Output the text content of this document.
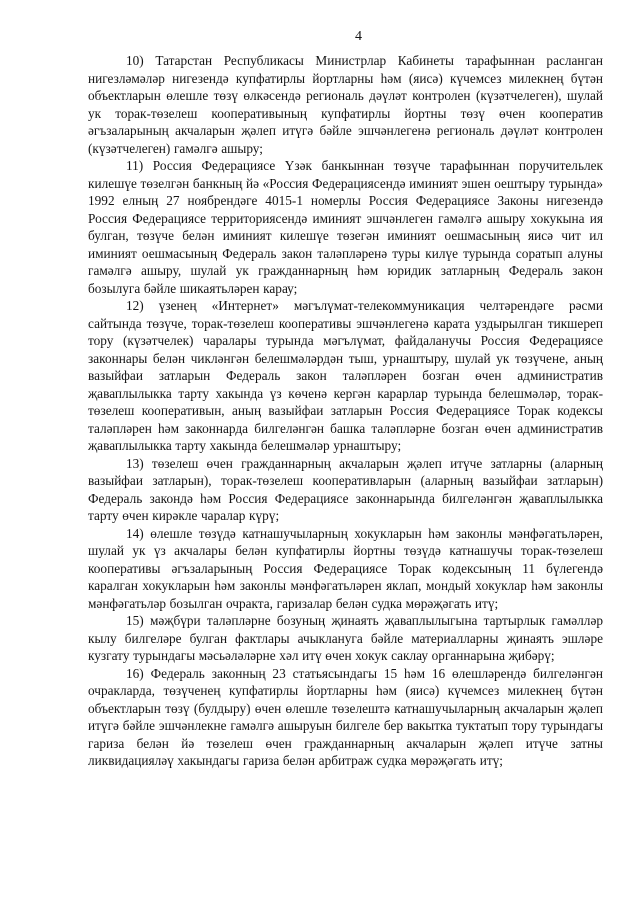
4

10) Татарстан Республикасы Министрлар Кабинеты тарафыннан расланган нигезләмәләр нигезендә купфатирлы йортларны һәм (яисә) күчемсез милекнең бүтән объектларын өлешле төзү өлкәсендә региональ дәүләт контролен (күзәтчелеген), шулай ук торак-төзелеш кооперативының купфатирлы йортны төзү өчен кооператив әгъзаларының акчаларын җәлеп итүгә бәйле эшчәнлегенә региональ дәүләт контролен (күзәтчелеген) гамәлгә ашыру;

11) Россия Федерациясе Үзәк банкыннан төзүче тарафыннан поручительлек килешүе төзелгән банкның йә «Россия Федерациясендә иминият эшен оештыру турында» 1992 елның 27 ноябрендәге 4015-1 номерлы Россия Федерациясе Законы нигезендә Россия Федерациясе территориясендә иминият эшчәнлеген гамәлгә ашыру хокукына ия булган, төзүче белән иминият килешүе төзегән иминият оешмасының яисә чит ил иминият оешмасының Федераль закон таләпләренә туры килүе турында соратып алуны гамәлгә ашыру, шулай ук гражданнарның һәм юридик затларның Федераль закон бозылуга бәйле шикаятьләрен карау;

12) үзенең «Интернет» мәгълүмат-телекоммуникация челтәрендәге рәсми сайтында төзүче, торак-төзелеш кооперативы эшчәнлегенә карата уздырылган тикшереп тору (күзәтчелек) чаралары турында мәгълүмат, файдаланучы Россия Федерациясе законнары белән чикләнгән белешмәләрдән тыш, урнаштыру, шулай ук төзүчене, аның вазыйфаи затларын Федераль закон таләпләрен бозган өчен административ җаваплылыкка тарту хакында үз көченә кергән карарлар турында белешмәләр, торак-төзелеш кооперативын, аның вазыйфаи затларын Россия Федерациясе Торак кодексы таләпләрен һәм законнарда билгеләнгән башка таләпләрне бозган өчен административ җаваплылыкка тарту хакында белешмәләр урнаштыру;

13) төзелеш өчен гражданнарның акчаларын җәлеп итүче затларны (аларның вазыйфаи затларын), торак-төзелеш кооперативларын (аларның вазыйфаи затларын) Федераль закондә һәм Россия Федерациясе законнарында билгеләнгән җаваплылыкка тарту өчен кирәкле чаралар күрү;

14) өлешле төзүдә катнашучыларның хокукларын һәм законлы мәнфәгатьләрен, шулай ук үз акчалары белән купфатирлы йортны төзүдә катнашучы торак-төзелеш кооперативы әгъзаларының Россия Федерациясе Торак кодексының 11 бүлегендә каралган хокукларын һәм законлы мәнфәгатьләрен яклап, мондый хокуклар һәм законлы мәнфәгатьләр бозылган очракта, гаризалар белән судка мөрәҗәгать итү;

15) мәҗбүри таләпләрне бозуның җинаять җаваплылыгына тартырлык гамәлләр кылу билгеләре булган фактлары ачыкланугa бәйле материалларны җинаять эшләре кузгату турындагы мәсьәләләрне хәл итү өчен хокук саклау органнарына җибәрү;

16) Федераль законның 23 статьясындагы 15 һәм 16 өлешләрендә билгеләнгән очракларда, төзүченең купфатирлы йортларны һәм (яисә) күчемсез милекнең бүтән объектларын төзү (булдыру) өчен өлешле төзелештә катнашучыларның акчаларын җәлеп итүгә бәйле эшчәнлекне гамәлгә ашыруын билгеле бер вакытка туктатып тору турындагы гариза белән йә төзелеш өчен гражданнарның акчаларын җәлеп итүче затны ликвидацияләү хакындагы гариза белән арбитраж судка мөрәҗәгать итү;
